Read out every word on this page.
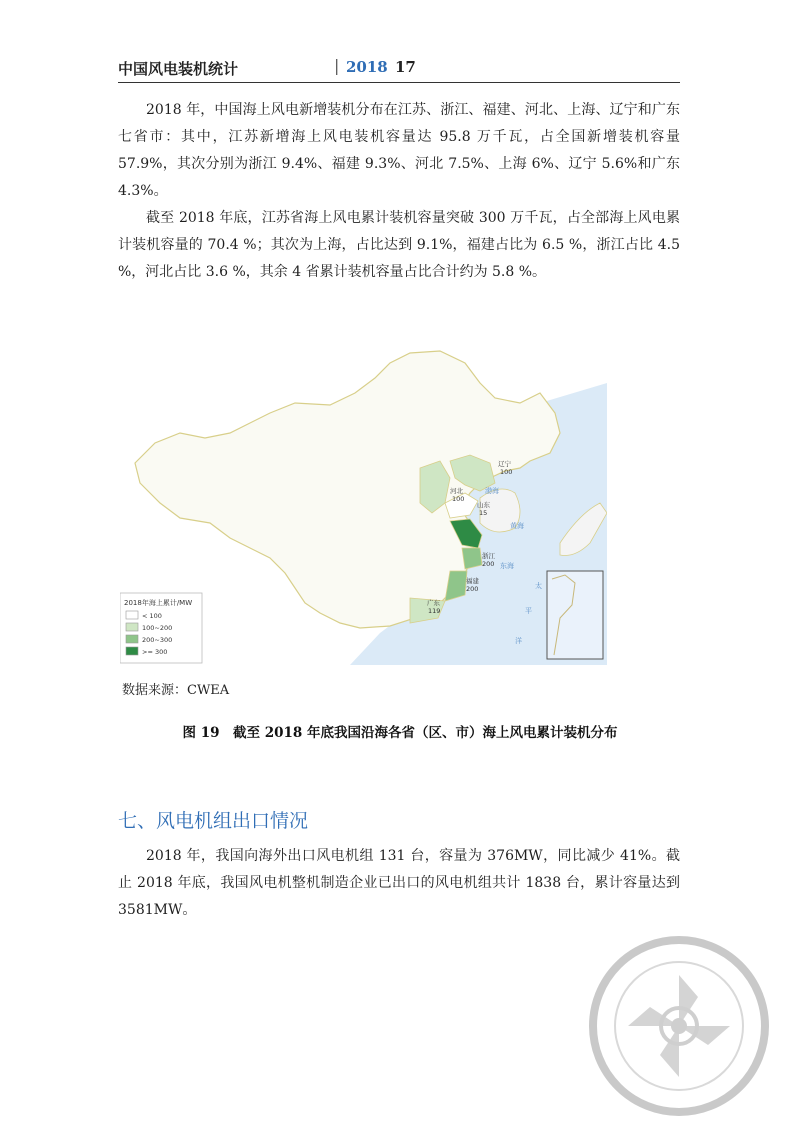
中国风电装机统计	| 2018 17

2018 年，中国海上风电新增装机分布在江苏、浙江、福建、河北、上海、辽宁和广东七省市：其中，江苏新增海上风电装机容量达 95.8 万千瓦，占全国新增装机容量 57.9%，其次分别为浙江 9.4%、福建 9.3%、河北 7.5%、上海 6%、辽宁 5.6%和广东 4.3%。

截至 2018 年底，江苏省海上风电累计装机容量突破 300 万千瓦，占全部海上风电累计装机容量的 70.4 %；其次为上海，占比达到 9.1%，福建占比为 6.5 %，浙江占比 4.5 %，河北占比 3.6 %，其余 4 省累计装机容量占比合计约为 5.8 %。

2018年海上累计/MW
< 100
100~200
200~300
>= 300
辽宁
100
河北
100
山东
15
浙江
200
福建
200
广东
119
渤海
黄海
东海
太
平
洋
数据来源：CWEA
图 19　截至 2018 年底我国沿海各省（区、市）海上风电累计装机分布
七、风电机组出口情况

2018 年，我国向海外出口风电机组 131 台，容量为 376MW，同比减少 41%。截止 2018 年底，我国风电机整机制造企业已出口的风电机组共计 1838 台，累计容量达到 3581MW。
